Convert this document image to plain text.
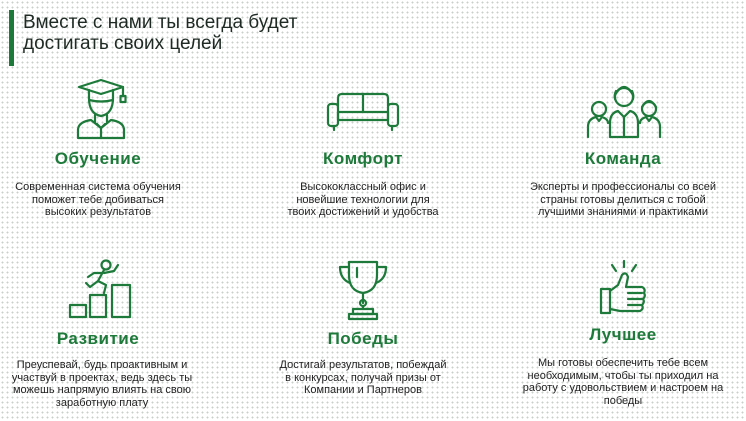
Вместе с нами ты всегда будет
достигать своих целей
Обучение
Современная система обучения поможет тебе добиваться высоких результатов
Комфорт
Высококлассный офис и новейшие технологии для твоих достижений и удобства
Команда
Эксперты и профессионалы со всей страны готовы делиться с тобой лучшими знаниями и практиками
Развитие
Преуспевай, будь проактивным и участвуй в проектах, ведь здесь ты можешь напрямую влиять на свою заработную плату
Победы
Достигай результатов, побеждай в конкурсах, получай призы от Компании и Партнеров
Лучшее
Мы готовы обеспечить тебе всем необходимым, чтобы ты приходил на работу с удовольствием и настроем на победы
